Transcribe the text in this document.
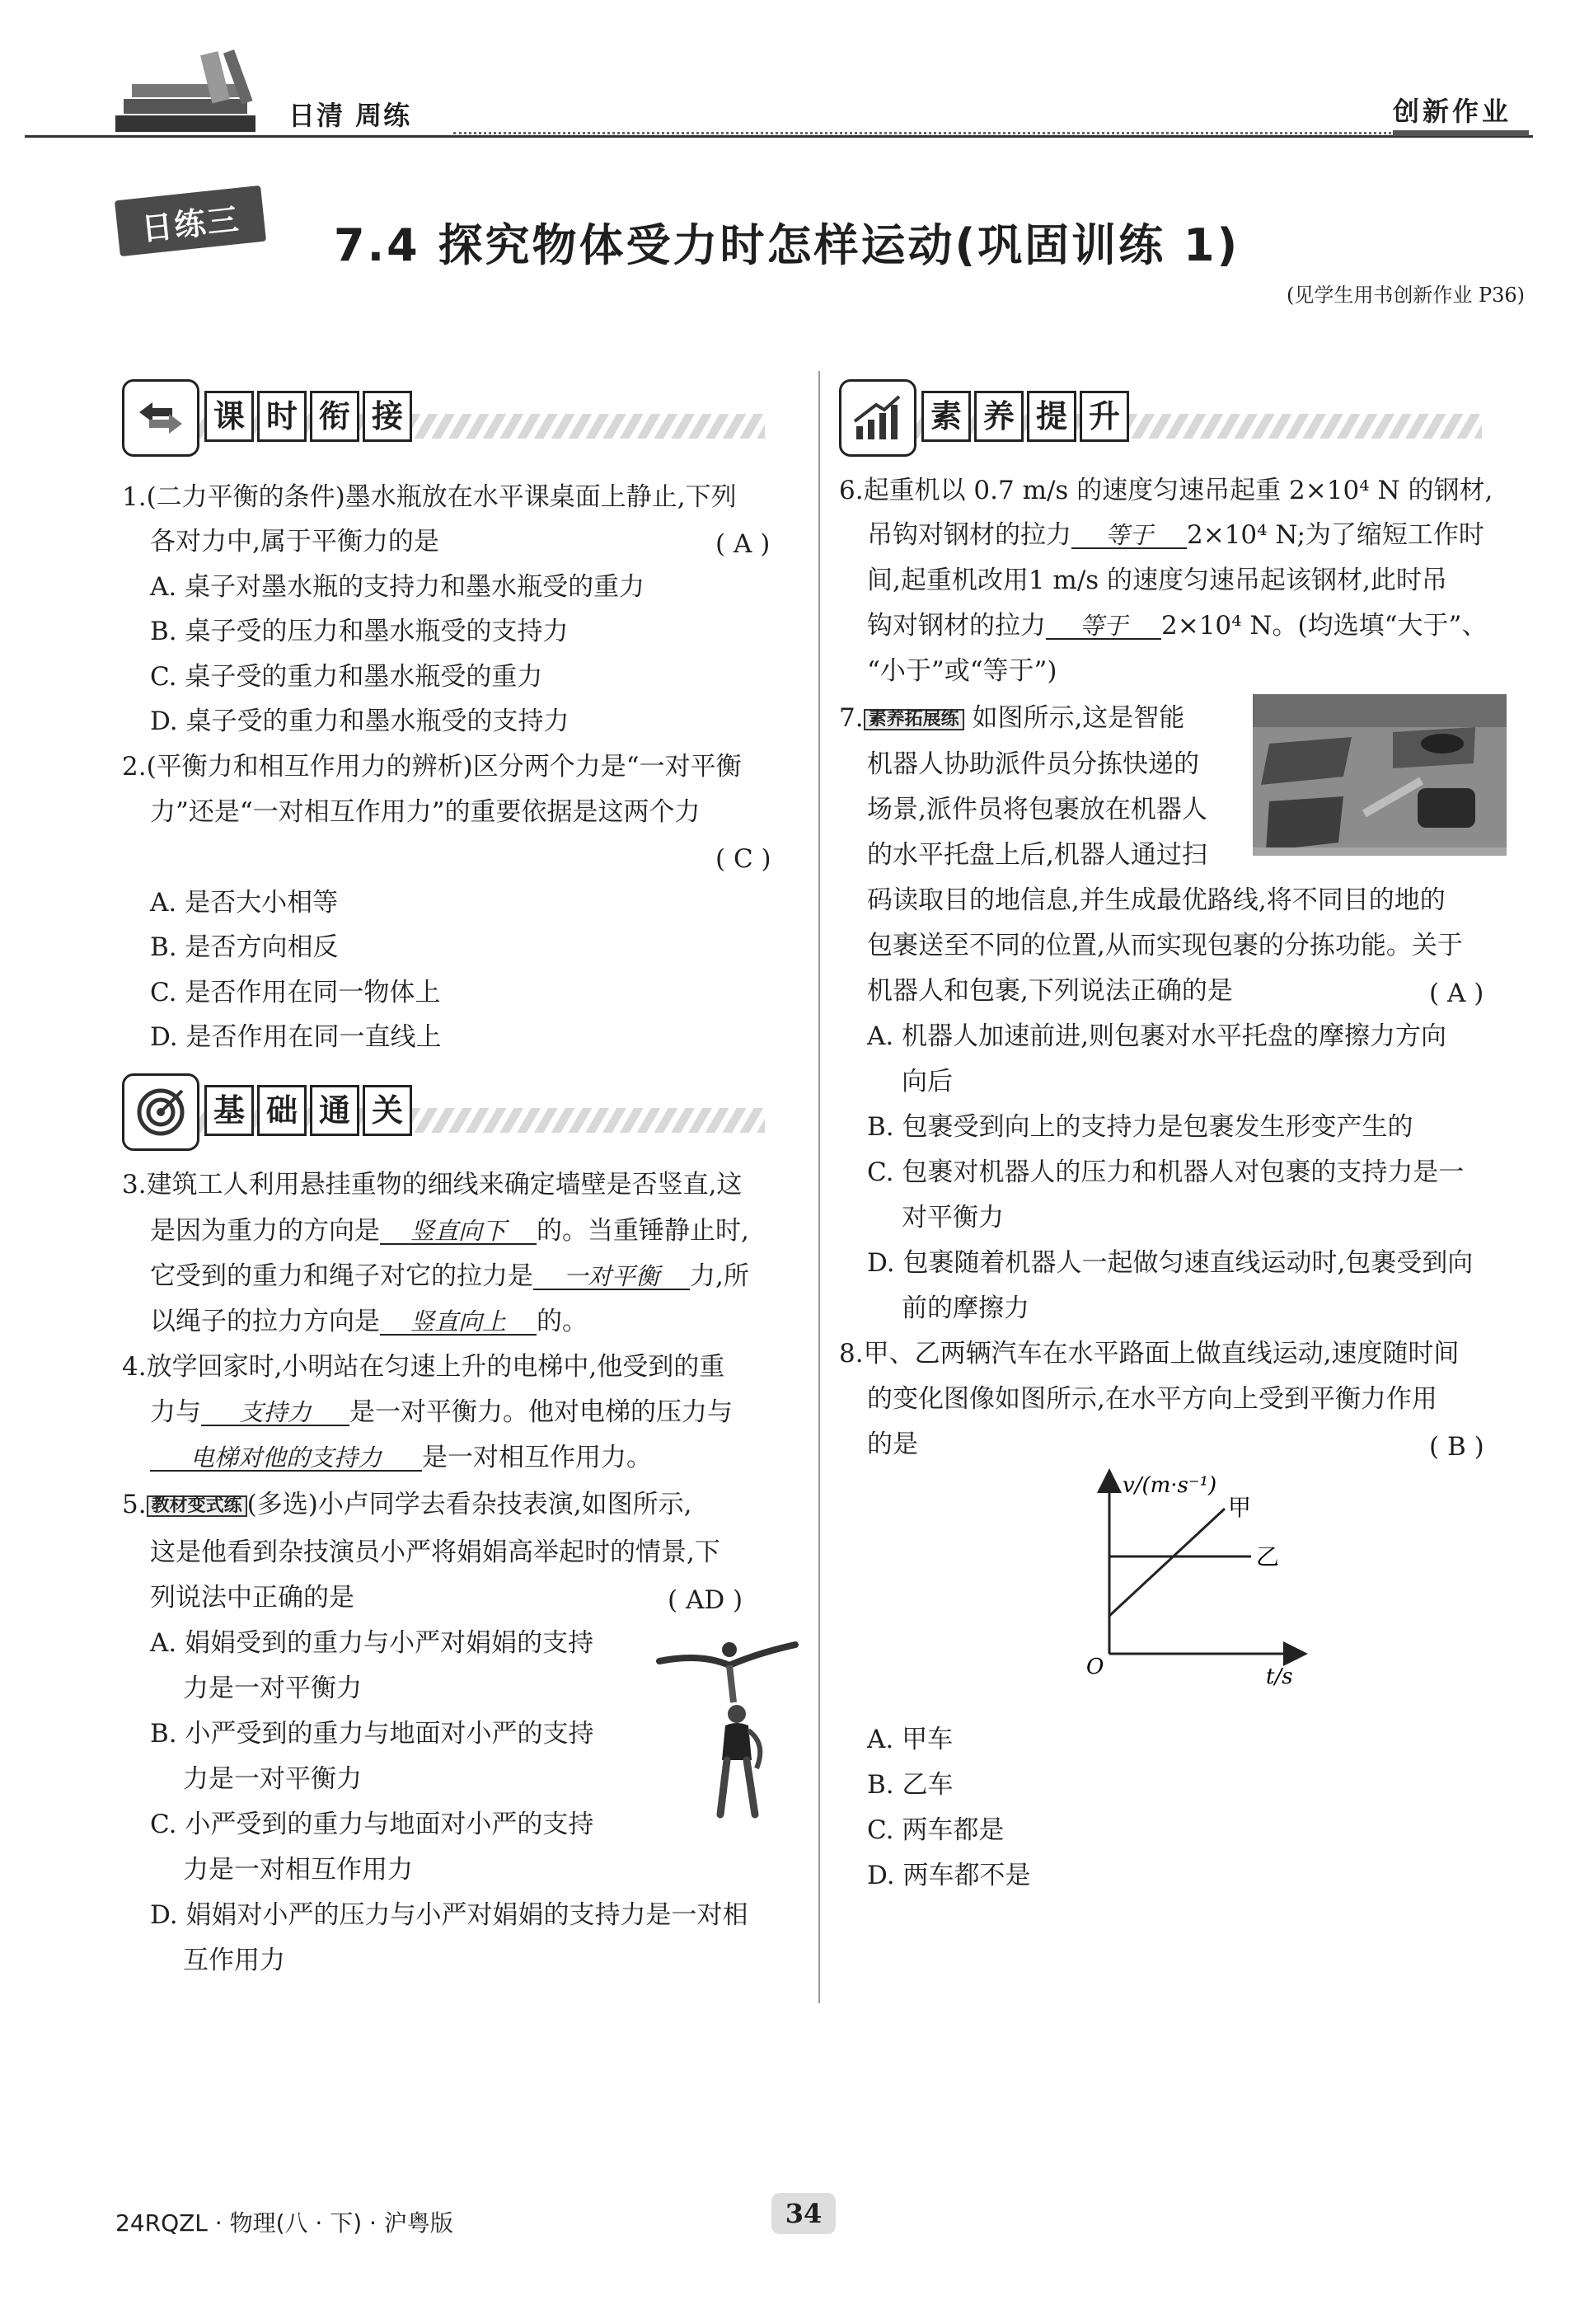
日清 周练	创新作业
日练三	7.4 探究物体受力时怎样运动(巩固训练 1)
(见学生用书创新作业 P36)
课 时 衔 接
1.(二力平衡的条件)墨水瓶放在水平课桌面上静止,下列
各对力中,属于平衡力的是	( A )
A. 桌子对墨水瓶的支持力和墨水瓶受的重力
B. 桌子受的压力和墨水瓶受的支持力
C. 桌子受的重力和墨水瓶受的重力
D. 桌子受的重力和墨水瓶受的支持力
2.(平衡力和相互作用力的辨析)区分两个力是“一对平衡
力”还是“一对相互作用力”的重要依据是这两个力
( C )
A. 是否大小相等
B. 是否方向相反
C. 是否作用在同一物体上
D. 是否作用在同一直线上
基 础 通 关
3.建筑工人利用悬挂重物的细线来确定墙壁是否竖直,这
是因为重力的方向是 竖直向下 的。当重锤静止时,
它受到的重力和绳子对它的拉力是 一对平衡 力,所
以绳子的拉力方向是 竖直向上 的。
4.放学回家时,小明站在匀速上升的电梯中,他受到的重
力与 支持力 是一对平衡力。他对电梯的压力与
电梯对他的支持力 是一对相互作用力。
5. 教材变式练 (多选)小卢同学去看杂技表演,如图所示,
这是他看到杂技演员小严将娟娟高举起时的情景,下
列说法中正确的是	( AD )
A. 娟娟受到的重力与小严对娟娟的支持
力是一对平衡力
B. 小严受到的重力与地面对小严的支持
力是一对平衡力
C. 小严受到的重力与地面对小严的支持
力是一对相互作用力
D. 娟娟对小严的压力与小严对娟娟的支持力是一对相
互作用力
素 养 提 升
6.起重机以 0.7 m/s 的速度匀速吊起重 2×10⁴ N 的钢材,
吊钩对钢材的拉力 等于 2×10⁴ N;为了缩短工作时
间,起重机改用1 m/s 的速度匀速吊起该钢材,此时吊
钩对钢材的拉力 等于 2×10⁴ N。(均选填“大于”、
“小于”或“等于”)
7. 素养拓展练 如图所示,这是智能
机器人协助派件员分拣快递的
场景,派件员将包裹放在机器人
的水平托盘上后,机器人通过扫
码读取目的地信息,并生成最优路线,将不同目的地的
包裹送至不同的位置,从而实现包裹的分拣功能。关于
机器人和包裹,下列说法正确的是	( A )
A. 机器人加速前进,则包裹对水平托盘的摩擦力方向
向后
B. 包裹受到向上的支持力是包裹发生形变产生的
C. 包裹对机器人的压力和机器人对包裹的支持力是一
对平衡力
D. 包裹随着机器人一起做匀速直线运动时,包裹受到向
前的摩擦力
8.甲、乙两辆汽车在水平路面上做直线运动,速度随时间
的变化图像如图所示,在水平方向上受到平衡力作用
的是	( B )
v/(m·s⁻¹)
t/s
O
甲
乙
A. 甲车
B. 乙车
C. 两车都是
D. 两车都不是
24RQZL · 物理(八 · 下) · 沪粤版	34
